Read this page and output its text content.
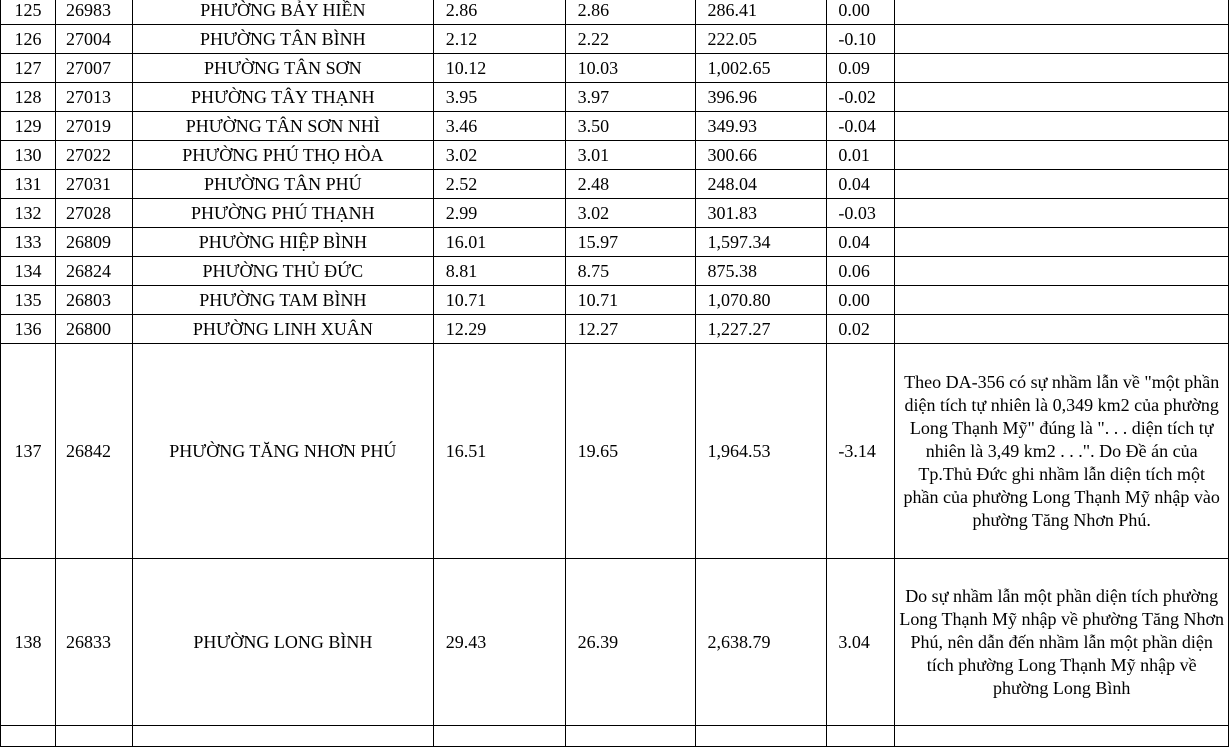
125	26983	PHƯỜNG BẢY HIỀN	2.86	2.86	286.41	0.00	
126	27004	PHƯỜNG TÂN BÌNH	2.12	2.22	222.05	-0.10	
127	27007	PHƯỜNG TÂN SƠN	10.12	10.03	1,002.65	0.09	
128	27013	PHƯỜNG TÂY THẠNH	3.95	3.97	396.96	-0.02	
129	27019	PHƯỜNG TÂN SƠN NHÌ	3.46	3.50	349.93	-0.04	
130	27022	PHƯỜNG PHÚ THỌ HÒA	3.02	3.01	300.66	0.01	
131	27031	PHƯỜNG TÂN PHÚ	2.52	2.48	248.04	0.04	
132	27028	PHƯỜNG PHÚ THẠNH	2.99	3.02	301.83	-0.03	
133	26809	PHƯỜNG HIỆP BÌNH	16.01	15.97	1,597.34	0.04	
134	26824	PHƯỜNG THỦ ĐỨC	8.81	8.75	875.38	0.06	
135	26803	PHƯỜNG TAM BÌNH	10.71	10.71	1,070.80	0.00	
136	26800	PHƯỜNG LINH XUÂN	12.29	12.27	1,227.27	0.02	
137	26842	PHƯỜNG TĂNG NHƠN PHÚ	16.51	19.65	1,964.53	-3.14	Theo DA-356 có sự nhầm lẫn về "một phần diện tích tự nhiên là 0,349 km2 của phường Long Thạnh Mỹ" đúng là ". . . diện tích tự nhiên là 3,49 km2 . . .". Do Đề án của Tp.Thủ Đức ghi nhầm lẫn diện tích một phần của phường Long Thạnh Mỹ nhập vào phường Tăng Nhơn Phú.
138	26833	PHƯỜNG LONG BÌNH	29.43	26.39	2,638.79	3.04	Do sự nhầm lẫn một phần diện tích phường Long Thạnh Mỹ nhập về phường Tăng Nhơn Phú, nên dẫn đến nhầm lẫn một phần diện tích phường Long Thạnh Mỹ nhập về phường Long Bình
